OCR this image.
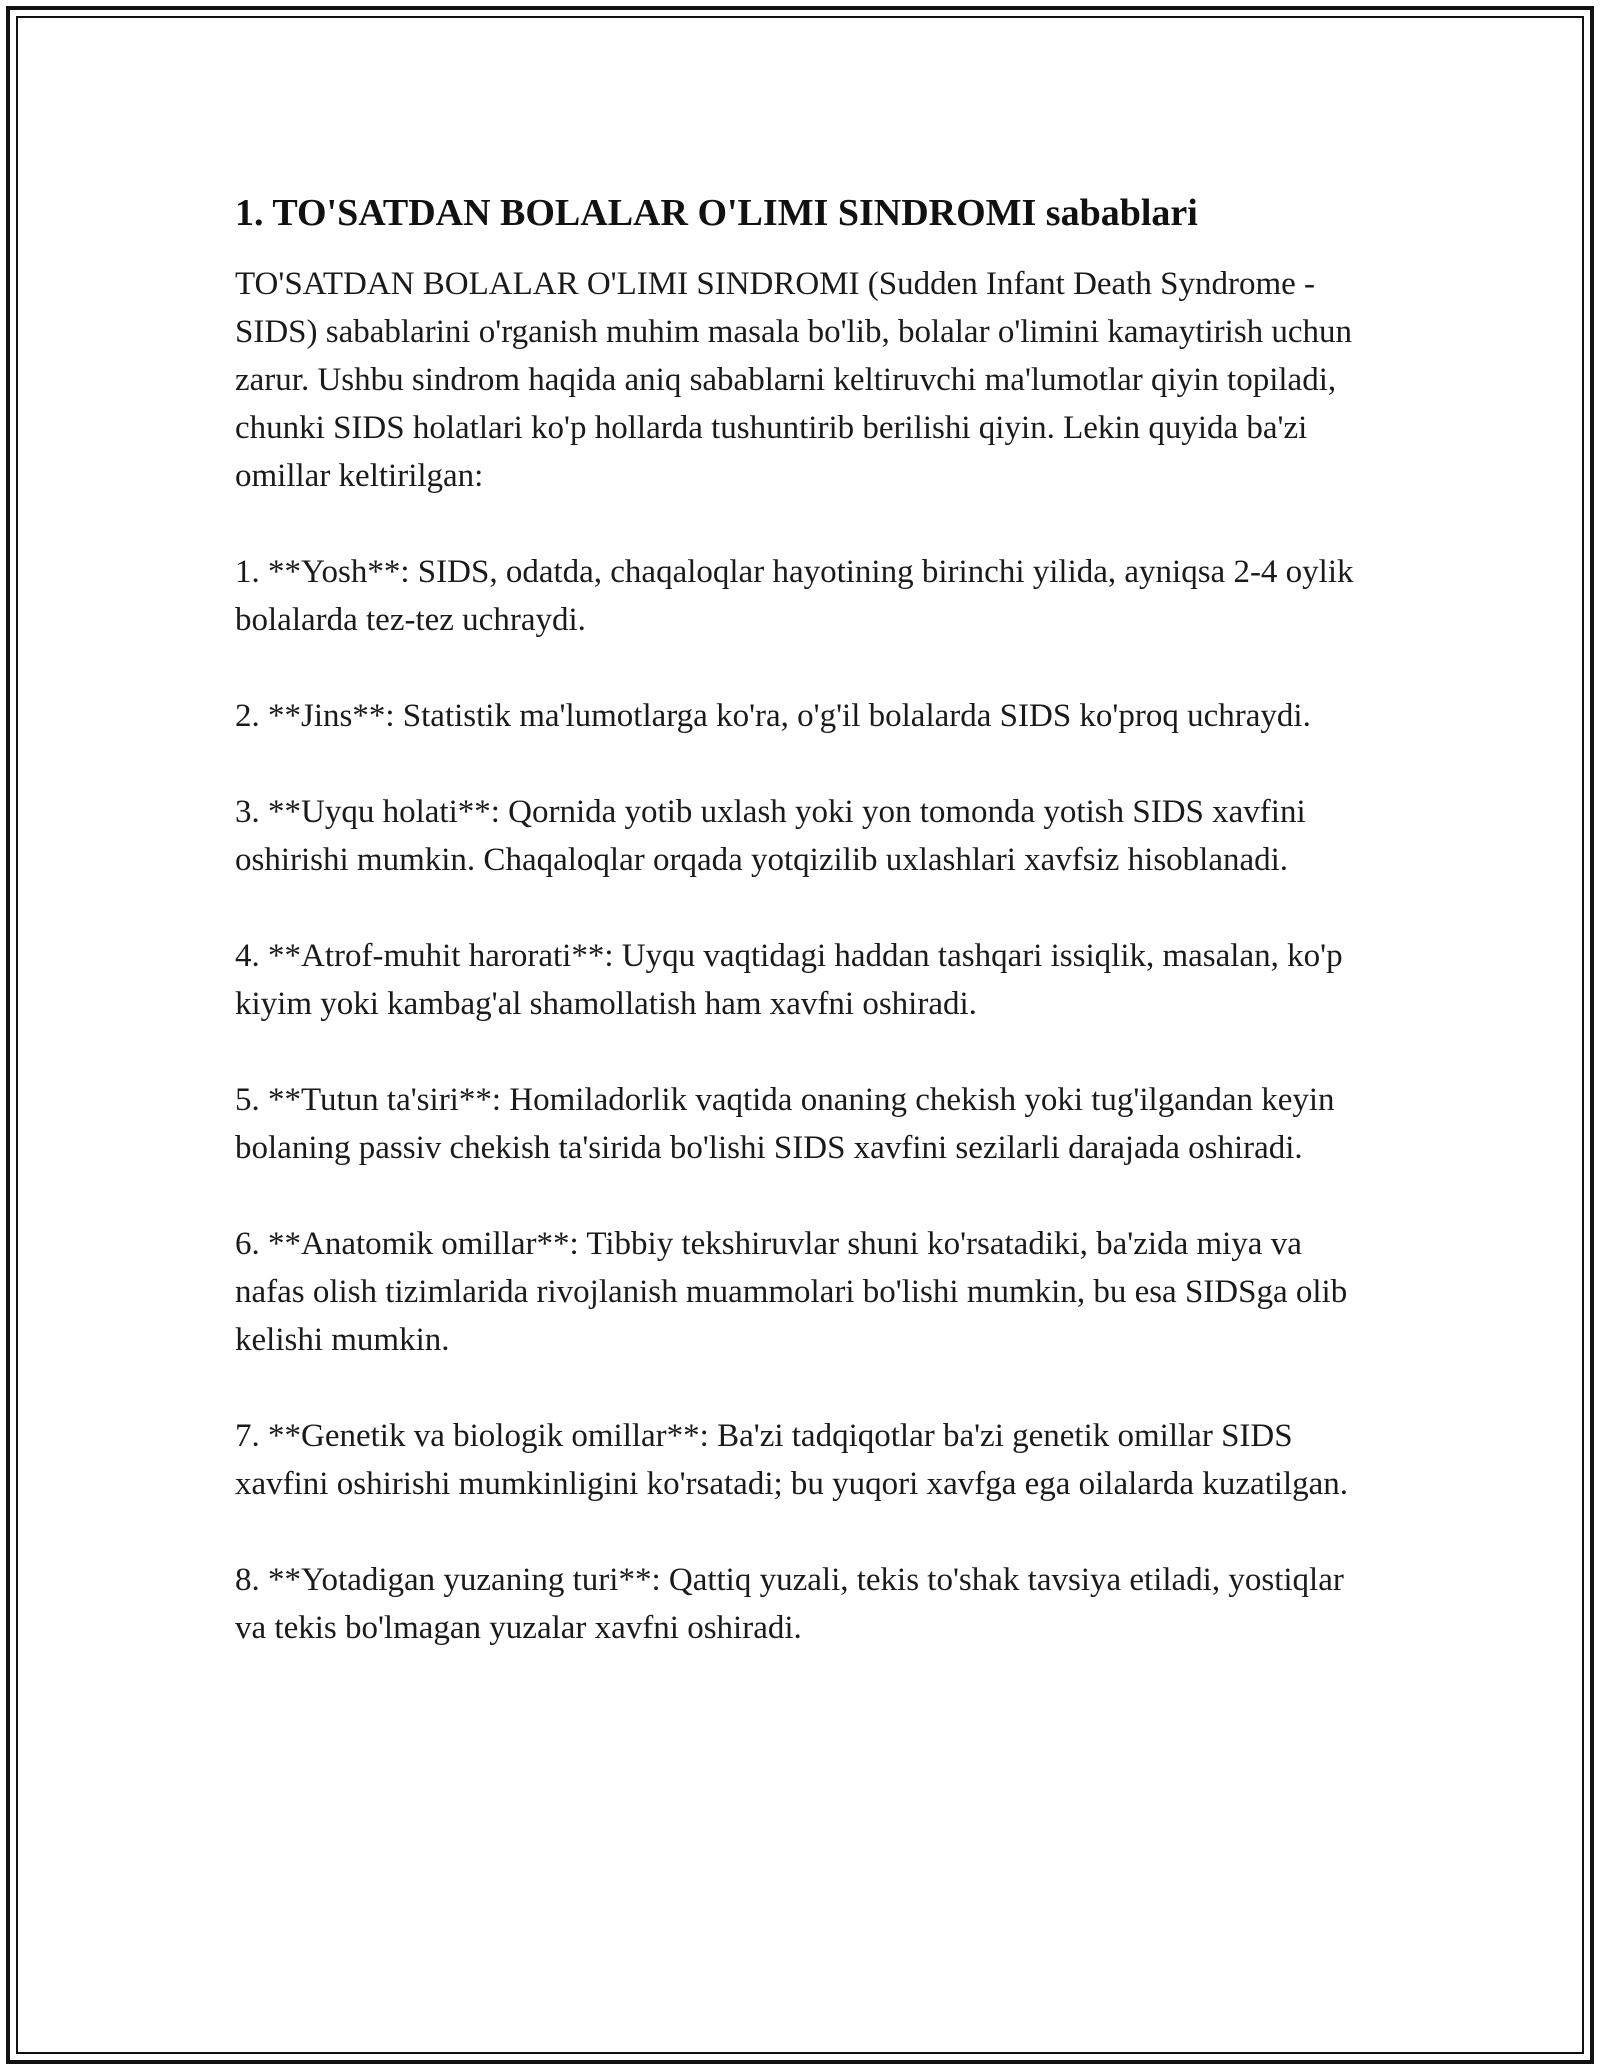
1. TO'SATDAN BOLALAR O'LIMI SINDROMI sabablari

TO'SATDAN BOLALAR O'LIMI SINDROMI (Sudden Infant Death Syndrome - SIDS) sabablarini o'rganish muhim masala bo'lib, bolalar o'limini kamaytirish uchun zarur. Ushbu sindrom haqida aniq sabablarni keltiruvchi ma'lumotlar qiyin topiladi, chunki SIDS holatlari ko'p hollarda tushuntirib berilishi qiyin. Lekin quyida ba'zi omillar keltirilgan:

1. **Yosh**: SIDS, odatda, chaqaloqlar hayotining birinchi yilida, ayniqsa 2-4 oylik bolalarda tez-tez uchraydi.

2. **Jins**: Statistik ma'lumotlarga ko'ra, o'g'il bolalarda SIDS ko'proq uchraydi.

3. **Uyqu holati**: Qornida yotib uxlash yoki yon tomonda yotish SIDS xavfini oshirishi mumkin. Chaqaloqlar orqada yotqizilib uxlashlari xavfsiz hisoblanadi.

4. **Atrof-muhit harorati**: Uyqu vaqtidagi haddan tashqari issiqlik, masalan, ko'p kiyim yoki kambag'al shamollatish ham xavfni oshiradi.

5. **Tutun ta'siri**: Homiladorlik vaqtida onaning chekish yoki tug'ilgandan keyin bolaning passiv chekish ta'sirida bo'lishi SIDS xavfini sezilarli darajada oshiradi.

6. **Anatomik omillar**: Tibbiy tekshiruvlar shuni ko'rsatadiki, ba'zida miya va nafas olish tizimlarida rivojlanish muammolari bo'lishi mumkin, bu esa SIDSga olib kelishi mumkin.

7. **Genetik va biologik omillar**: Ba'zi tadqiqotlar ba'zi genetik omillar SIDS xavfini oshirishi mumkinligini ko'rsatadi; bu yuqori xavfga ega oilalarda kuzatilgan.

8. **Yotadigan yuzaning turi**: Qattiq yuzali, tekis to'shak tavsiya etiladi, yostiqlar va tekis bo'lmagan yuzalar xavfni oshiradi.
